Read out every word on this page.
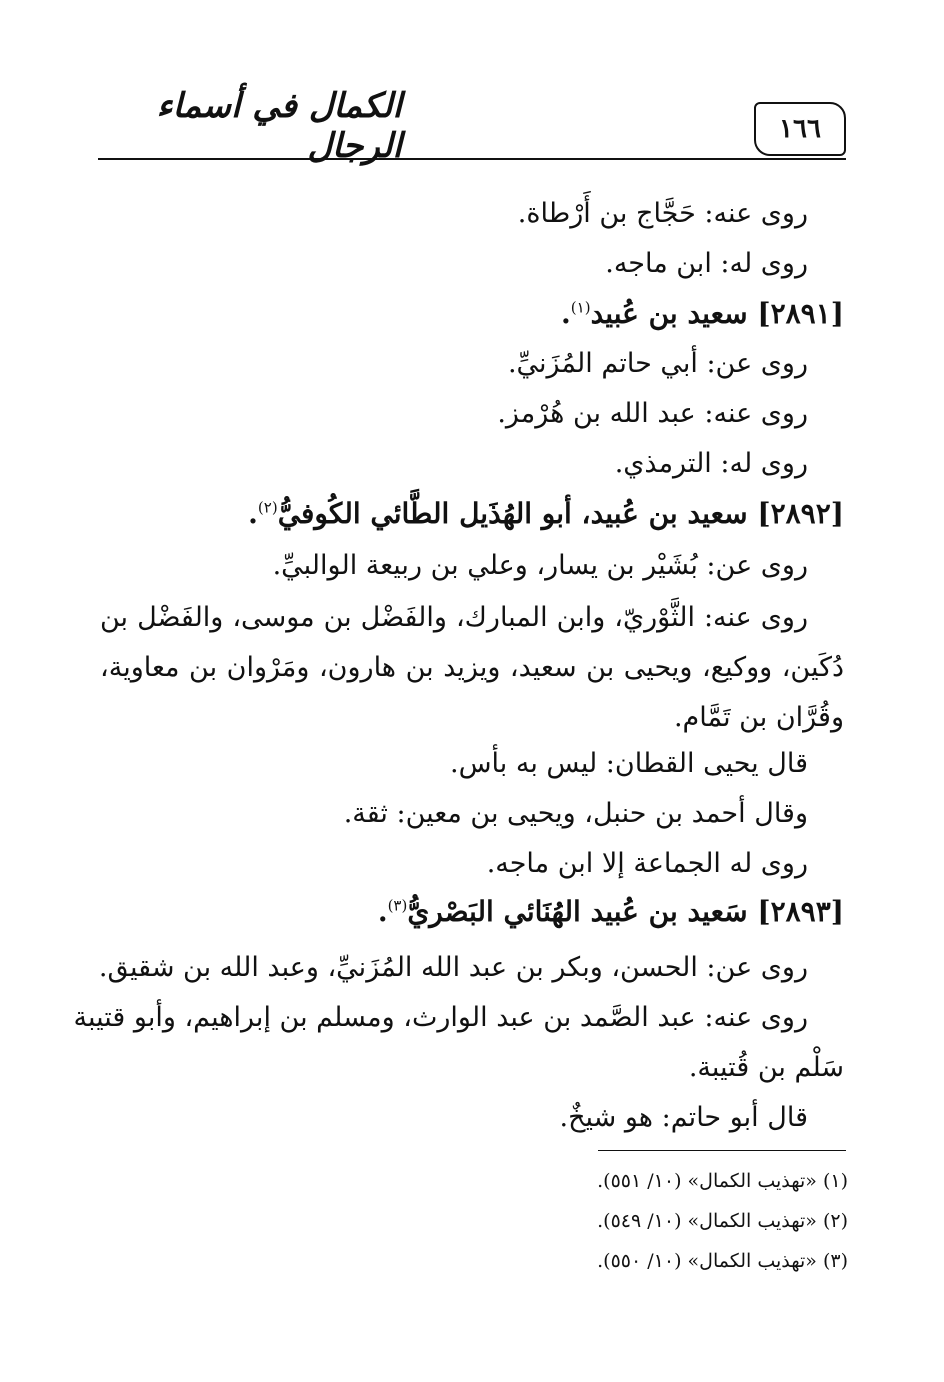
١٦٦
الكمال في أسماء الرجال
روى عنه: حَجَّاج بن أَرْطاة.
روى له: ابن ماجه.
[٢٨٩١] سعيد بن عُبيد$^{(١)}$.
روى عن: أبي حاتم المُزَنيِّ.
روى عنه: عبد الله بن هُرْمز.
روى له: الترمذي.
[٢٨٩٢] سعيد بن عُبيد، أبو الهُذَيل الطَّائي الكُوفيُّ$^{(٢)}$.
روى عن: بُشَيْر بن يسار، وعلي بن ربيعة الوالبيِّ.
روى عنه: الثَّوْريّ، وابن المبارك، والفَضْل بن موسى، والفَضْل بن
دُكَين، ووكيع، ويحيى بن سعيد، ويزيد بن هارون، ومَرْوان بن معاوية،
وقُرَّان بن تَمَّام.
قال يحيى القطان: ليس به بأس.
وقال أحمد بن حنبل، ويحيى بن معين: ثقة.
روى له الجماعة إلا ابن ماجه.
[٢٨٩٣] سَعيد بن عُبيد الهُنَائي البَصْريُّ$^{(٣)}$.
روى عن: الحسن، وبكر بن عبد الله المُزَنيِّ، وعبد الله بن شقيق.
روى عنه: عبد الصَّمد بن عبد الوارث، ومسلم بن إبراهيم، وأبو قتيبة
سَلْم بن قُتيبة.
قال أبو حاتم: هو شيخٌ.
(١) «تهذيب الكمال» (١٠/ ٥٥١).
(٢) «تهذيب الكمال» (١٠/ ٥٤٩).
(٣) «تهذيب الكمال» (١٠/ ٥٥٠).
